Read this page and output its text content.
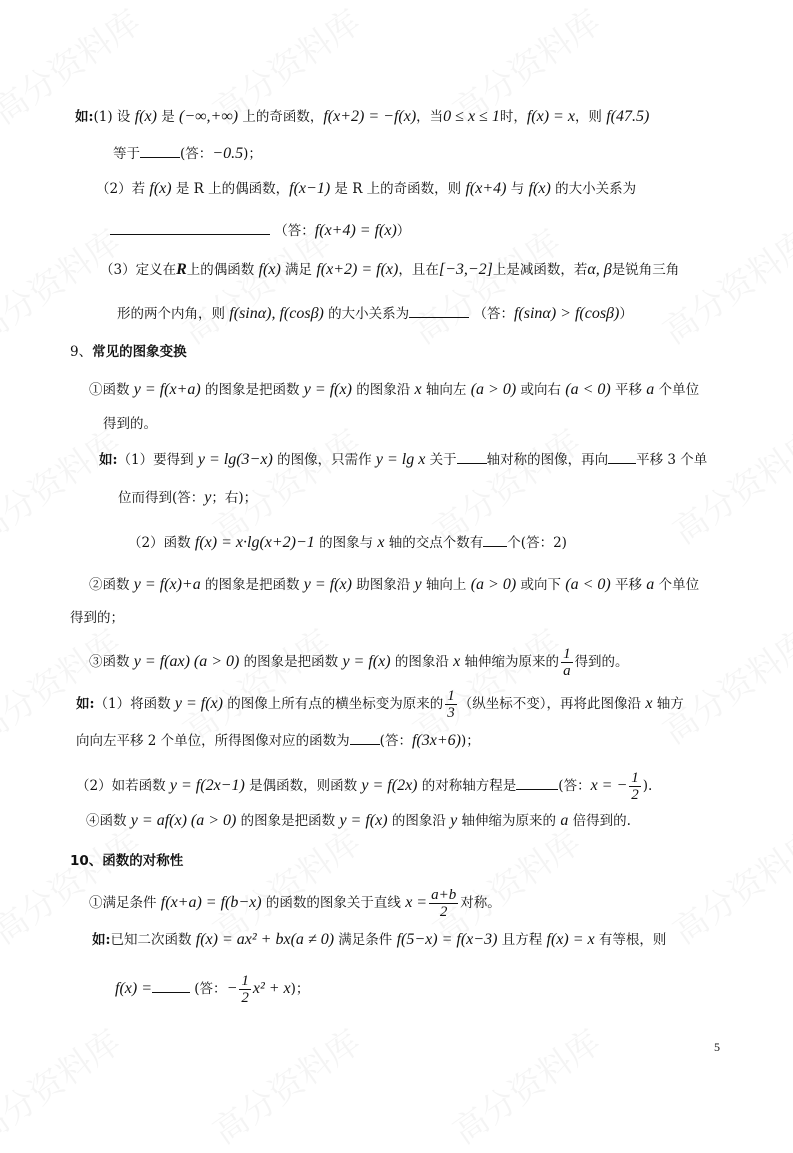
如:(1) 设 f(x) 是 (−∞,+∞) 上的奇函数，f(x+2) = −f(x)，当0 ≤ x ≤ 1时，f(x) = x，则 f(47.5)
等于	(答：−0.5)；
（2）若 f(x) 是 R 上的偶函数，f(x−1) 是 R 上的奇函数，则 f(x+4) 与 f(x) 的大小关系为
（答：f(x+4) = f(x)）
（3）定义在R上的偶函数 f(x) 满足 f(x+2) = f(x)，且在[−3,−2]上是减函数，若α, β是锐角三角
形的两个内角，则 f(sinα), f(cosβ) 的大小关系为	（答：f(sinα) > f(cosβ)）
9、常见的图象变换
①函数 y = f(x+a) 的图象是把函数 y = f(x) 的图象沿 x 轴向左 (a > 0) 或向右 (a < 0) 平移 a 个单位
得到的。
如:（1）要得到 y = lg(3−x) 的图像，只需作 y = lg x 关于 轴对称的图像，再向 平移 3 个单
位而得到(答：y；右)；
（2）函数 f(x) = x·lg(x+2)−1 的图象与 x 轴的交点个数有 个(答：2)
②函数 y = f(x)+a 的图象是把函数 y = f(x) 助图象沿 y 轴向上 (a > 0) 或向下 (a < 0) 平移 a 个单位
得到的；
③函数 y = f(ax) (a > 0) 的图象是把函数 y = f(x) 的图象沿 x 轴伸缩为原来的 $\frac{1}{a}$ 得到的。
如:（1）将函数 y = f(x) 的图像上所有点的横坐标变为原来的 $\frac{1}{3}$ （纵坐标不变），再将此图像沿 x 轴方
向向左平移 2 个单位，所得图像对应的函数为 (答：f(3x+6))；
（2）如若函数 y = f(2x−1) 是偶函数，则函数 y = f(2x) 的对称轴方程是	(答：x = − $\frac{1}{2}$ ).
④函数 y = af(x) (a > 0) 的图象是把函数 y = f(x) 的图象沿 y 轴伸缩为原来的 a 倍得到的.
10、函数的对称性
①满足条件 f(x+a) = f(b−x) 的函数的图象关于直线 $x = \frac{a+b}{2}$ 对称。
如:已知二次函数 f(x) = ax² + bx(a ≠ 0) 满足条件 f(5−x) = f(x−3) 且方程 f(x) = x 有等根，则
f(x) =	(答：− $\frac{1}{2} x^2 + x$)；
5
